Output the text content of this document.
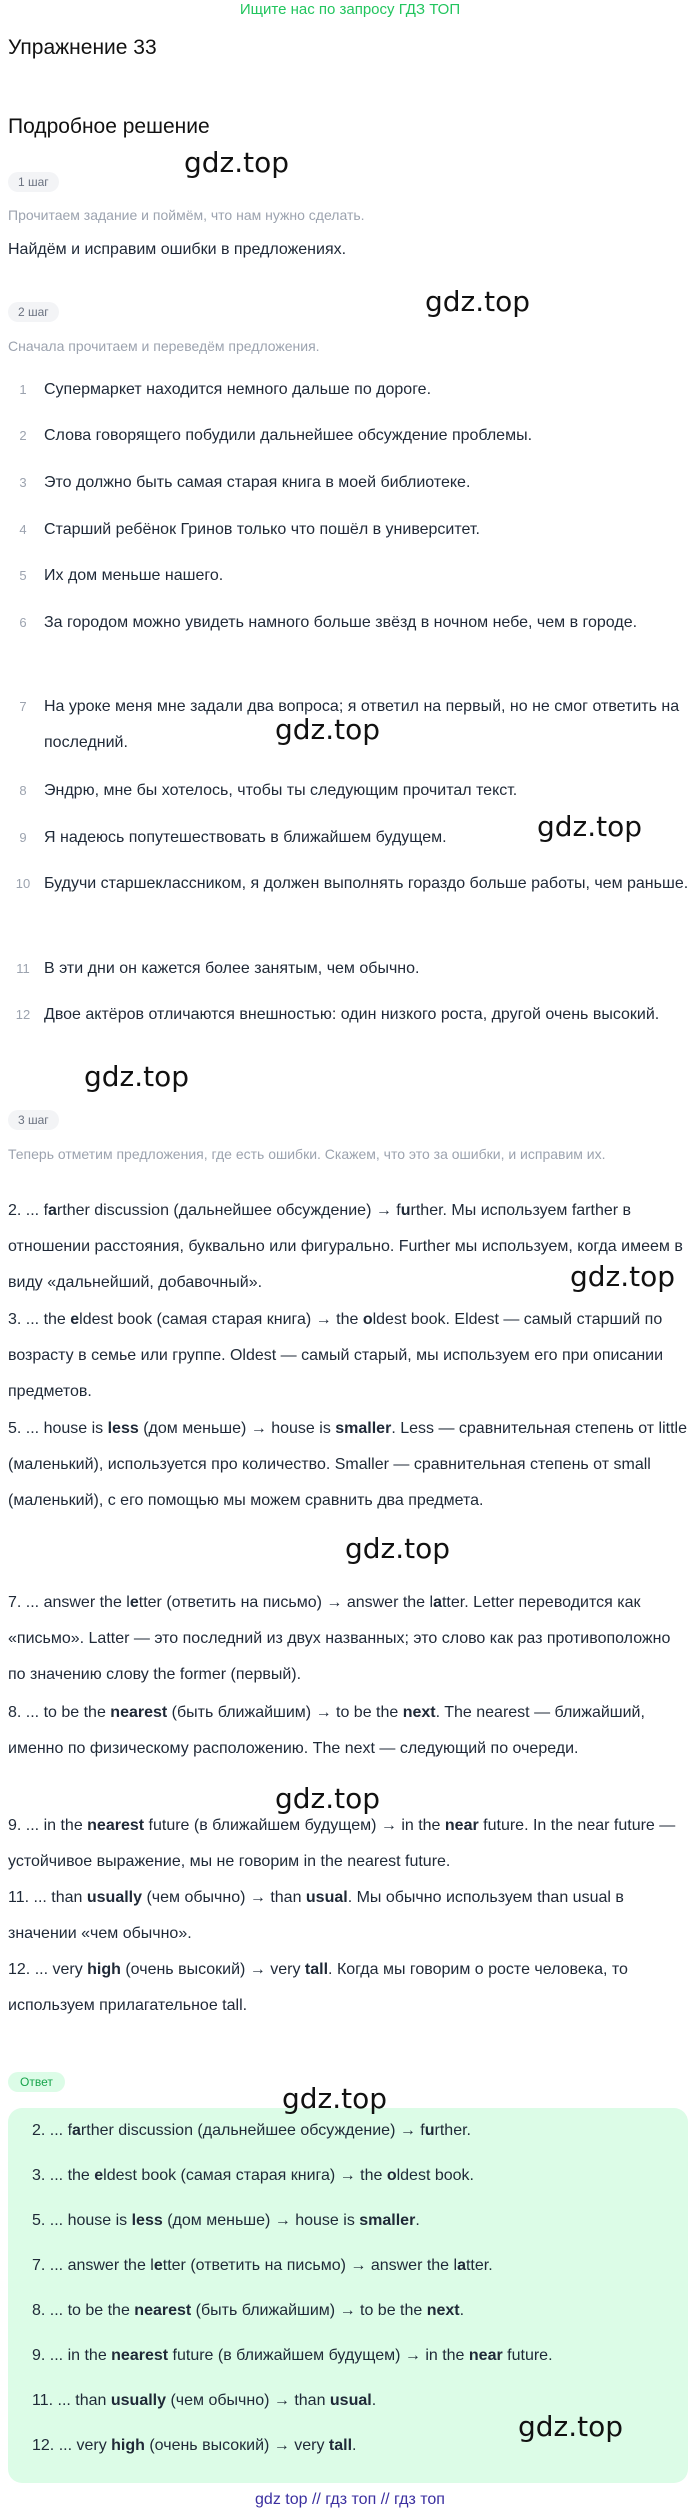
Ищите нас по запросу ГДЗ ТОП
Упражнение 33
Подробное решение
1 шаг
Прочитаем задание и поймём, что нам нужно сделать.
Найдём и исправим ошибки в предложениях.
2 шаг
Сначала прочитаем и переведём предложения.
1	Супермаркет находится немного дальше по дороге.
2	Слова говорящего побудили дальнейшее обсуждение проблемы.
3	Это должно быть самая старая книга в моей библиотеке.
4	Старший ребёнок Гринов только что пошёл в университет.
5	Их дом меньше нашего.
6	За городом можно увидеть намного больше звёзд в ночном небе, чем в городе.
7	На уроке меня мне задали два вопроса; я ответил на первый, но не смог ответить на последний.
8	Эндрю, мне бы хотелось, чтобы ты следующим прочитал текст.
9	Я надеюсь попутешествовать в ближайшем будущем.
10 Будучи старшеклассником, я должен выполнять гораздо больше работы, чем раньше.
11 В эти дни он кажется более занятым, чем обычно.
12 Двое актёров отличаются внешностью: один низкого роста, другой очень высокий.
3 шаг
Теперь отметим предложения, где есть ошибки. Скажем, что это за ошибки, и исправим их.
2. ... farther discussion (дальнейшее обсуждение) → further. Мы используем farther в отношении расстояния, буквально или фигурально. Further мы используем, когда имеем в виду «дальнейший, добавочный».
3. ... the eldest book (самая старая книга) → the oldest book. Eldest — самый старший по возрасту в семье или группе. Oldest — самый старый, мы используем его при описании предметов.
5. ... house is less (дом меньше) → house is smaller. Less — сравнительная степень от little (маленький), используется про количество. Smaller — сравнительная степень от small (маленький), с его помощью мы можем сравнить два предмета.
7. ... answer the letter (ответить на письмо) → answer the latter. Letter переводится как «письмо». Latter — это последний из двух названных; это слово как раз противоположно по значению слову the former (первый).
8. ... to be the nearest (быть ближайшим) → to be the next. The nearest — ближайший, именно по физическому расположению. The next — следующий по очереди.
9. ... in the nearest future (в ближайшем будущем) → in the near future. In the near future — устойчивое выражение, мы не говорим in the nearest future.
11. ... than usually (чем обычно) → than usual. Мы обычно используем than usual в значении «чем обычно».
12. ... very high (очень высокий) → very tall. Когда мы говорим о росте человека, то используем прилагательное tall.
Ответ
2. ... farther discussion (дальнейшее обсуждение) → further.
3. ... the eldest book (самая старая книга) → the oldest book.
5. ... house is less (дом меньше) → house is smaller.
7. ... answer the letter (ответить на письмо) → answer the latter.
8. ... to be the nearest (быть ближайшим) → to be the next.
9. ... in the nearest future (в ближайшем будущем) → in the near future.
11. ... than usually (чем обычно) → than usual.
12. ... very high (очень высокий) → very tall.
gdz.top
gdz.top
gdz.top
gdz.top
gdz.top
gdz.top
gdz.top
gdz.top
gdz.top
gdz.top
gdz top // гдз топ // гдз топ
